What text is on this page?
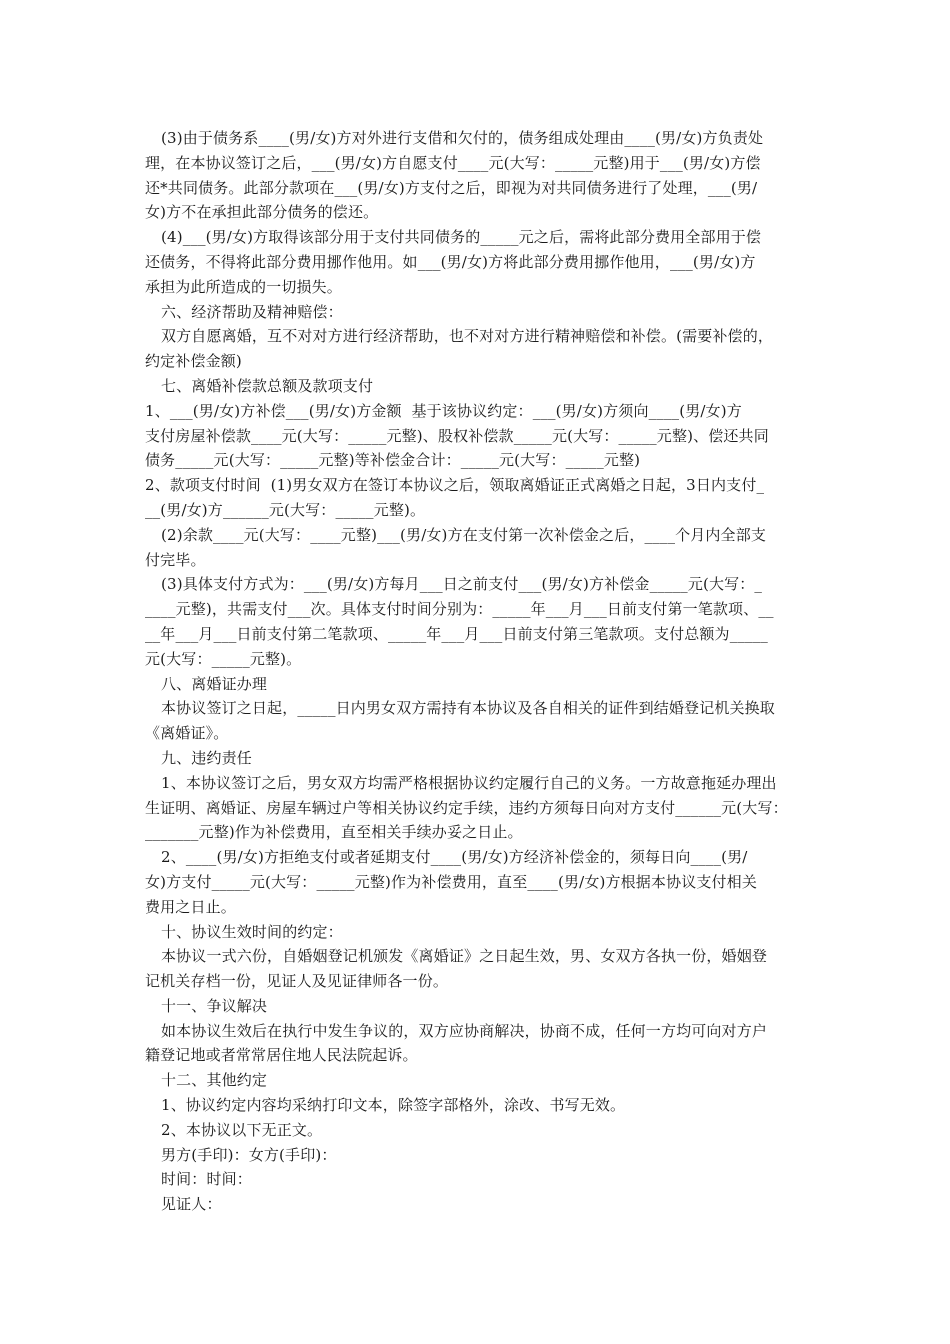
(3)由于债务系____(男/女)方对外进行支借和欠付的，债务组成处理由____(男/女)方负责处
理，在本协议签订之后，___(男/女)方自愿支付____元(大写：_____元整)用于___(男/女)方偿
还*共同债务。此部分款项在___(男/女)方支付之后，即视为对共同债务进行了处理，___(男/
女)方不在承担此部分债务的偿还。
(4)___(男/女)方取得该部分用于支付共同债务的_____元之后，需将此部分费用全部用于偿
还债务，不得将此部分费用挪作他用。如___(男/女)方将此部分费用挪作他用，___(男/女)方
承担为此所造成的一切损失。
六、经济帮助及精神赔偿：
双方自愿离婚，互不对对方进行经济帮助，也不对对方进行精神赔偿和补偿。(需要补偿的，
约定补偿金额)
七、离婚补偿款总额及款项支付
1、___(男/女)方补偿___(男/女)方金额  基于该协议约定：___(男/女)方须向____(男/女)方
支付房屋补偿款____元(大写：_____元整)、股权补偿款_____元(大写：_____元整)、偿还共同
债务_____元(大写：_____元整)等补偿金合计：_____元(大写：_____元整)
2、款项支付时间  (1)男女双方在签订本协议之后，领取离婚证正式离婚之日起，3日内支付_
__(男/女)方______元(大写：_____元整)。
(2)余款____元(大写：____元整)___(男/女)方在支付第一次补偿金之后，____个月内全部支
付完毕。
(3)具体支付方式为：___(男/女)方每月___日之前支付___(男/女)方补偿金_____元(大写：_
____元整)，共需支付___次。具体支付时间分别为：_____年___月___日前支付第一笔款项、__
__年___月___日前支付第二笔款项、_____年___月___日前支付第三笔款项。支付总额为_____
元(大写：_____元整)。
八、离婚证办理
本协议签订之日起，_____日内男女双方需持有本协议及各自相关的证件到结婚登记机关换取
《离婚证》。
九、违约责任
1、本协议签订之后，男女双方均需严格根据协议约定履行自己的义务。一方故意拖延办理出
生证明、离婚证、房屋车辆过户等相关协议约定手续，违约方须每日向对方支付______元(大写：
_______元整)作为补偿费用，直至相关手续办妥之日止。
2、____(男/女)方拒绝支付或者延期支付____(男/女)方经济补偿金的，须每日向____(男/
女)方支付_____元(大写：_____元整)作为补偿费用，直至____(男/女)方根据本协议支付相关
费用之日止。
十、协议生效时间的约定：
本协议一式六份，自婚姻登记机颁发《离婚证》之日起生效，男、女双方各执一份，婚姻登
记机关存档一份，见证人及见证律师各一份。
十一、争议解决
如本协议生效后在执行中发生争议的，双方应协商解决，协商不成，任何一方均可向对方户
籍登记地或者常常居住地人民法院起诉。
十二、其他约定
1、协议约定内容均采纳打印文本，除签字部格外，涂改、书写无效。
2、本协议以下无正文。
男方(手印)：女方(手印)：
时间：时间：
见证人：
